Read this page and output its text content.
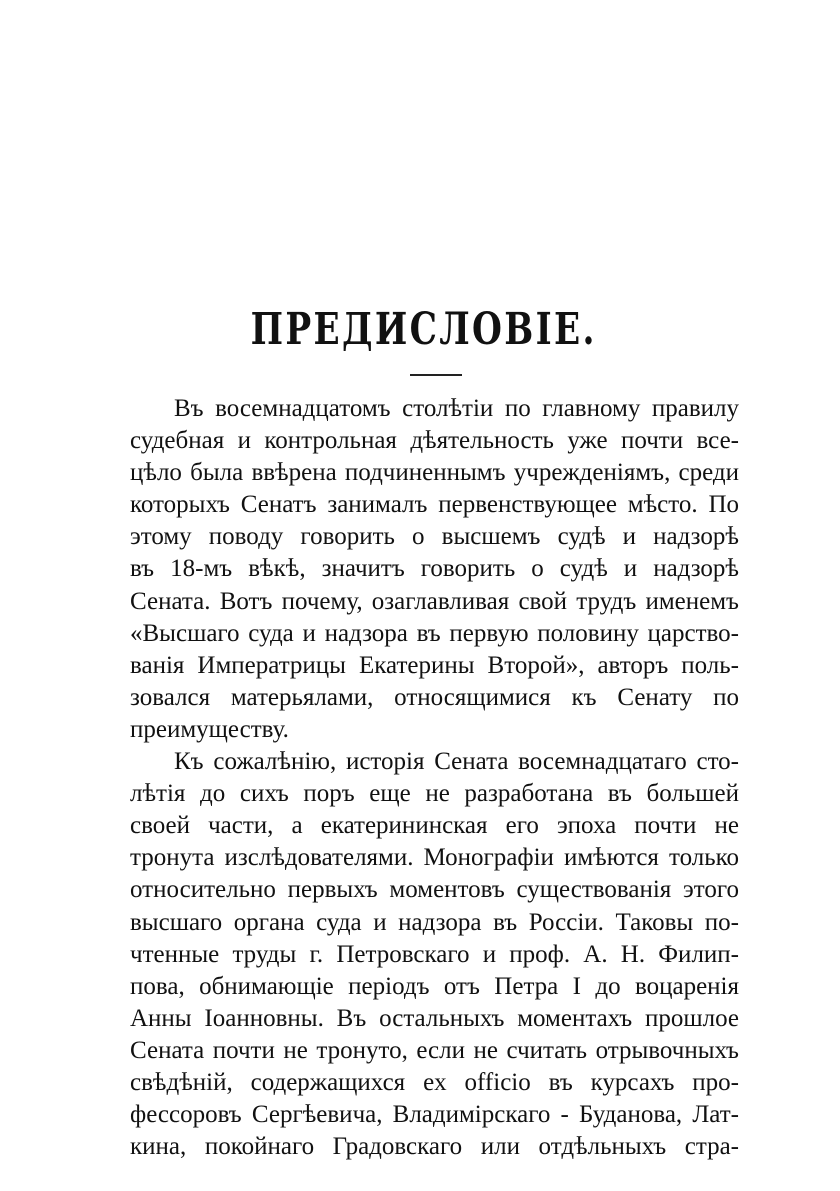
ПРЕДИСЛОВІЕ.
Въ восемнадцатомъ столѣтіи по главному правилу
судебная и контрольная дѣятельность уже почти все-
цѣло была ввѣрена подчиненнымъ учрежденіямъ, среди
которыхъ Сенатъ занималъ первенствующее мѣсто. По
этому поводу говорить о высшемъ судѣ и надзорѣ
въ 18-мъ вѣкѣ, значитъ говорить о судѣ и надзорѣ
Сената. Вотъ почему, озаглавливая свой трудъ именемъ
«Высшаго суда и надзора въ первую половину царство-
ванія Императрицы Екатерины Второй», авторъ поль-
зовался матерьялами, относящимися къ Сенату по
преимуществу.
Къ сожалѣнію, исторія Сената восемнадцатаго сто-
лѣтія до сихъ поръ еще не разработана въ большей
своей части, а екатерининская его эпоха почти не
тронута изслѣдователями. Монографіи имѣются только
относительно первыхъ моментовъ существованія этого
высшаго органа суда и надзора въ Россіи. Таковы по-
чтенные труды г. Петровскаго и проф. А. Н. Филип-
пова, обнимающіе періодъ отъ Петра I до воцаренія
Анны Іоанновны. Въ остальныхъ моментахъ прошлое
Сената почти не тронуто, если не считать отрывочныхъ
свѣдѣній, содержащихся ex officio въ курсахъ про-
фессоровъ Сергѣевича, Владимірскаго - Буданова, Лат-
кина, покойнаго Градовскаго или отдѣльныхъ стра-
